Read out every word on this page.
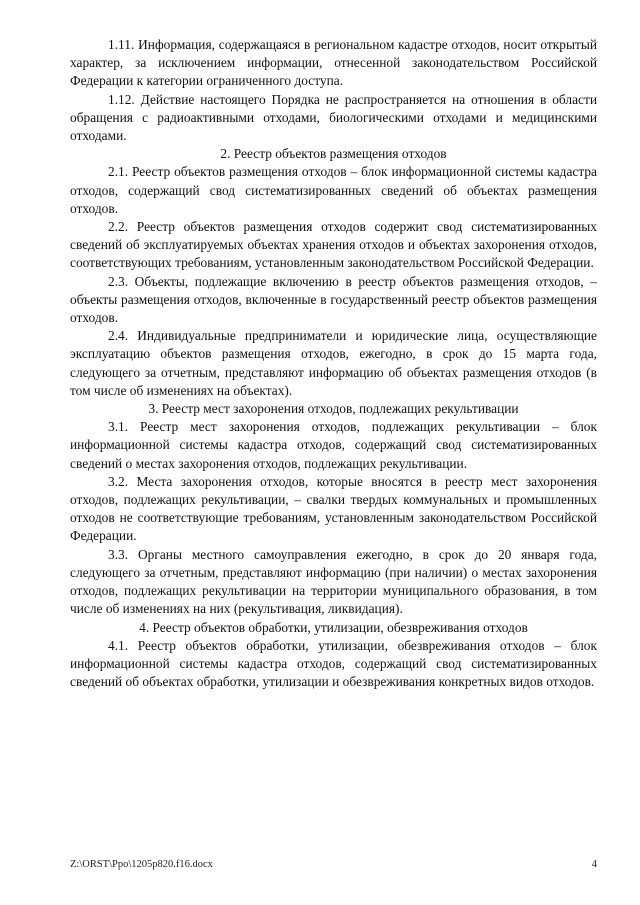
1.11. Информация, содержащаяся в региональном кадастре отходов, носит открытый характер, за исключением информации, отнесенной законодательством Российской Федерации к категории ограниченного доступа.

1.12. Действие настоящего Порядка не распространяется на отношения в области обращения с радиоактивными отходами, биологическими отходами и медицинскими отходами.

2. Реестр объектов размещения отходов

2.1. Реестр объектов размещения отходов – блок информационной системы кадастра отходов, содержащий свод систематизированных сведений об объектах размещения отходов.

2.2. Реестр объектов размещения отходов содержит свод систематизированных сведений об эксплуатируемых объектах хранения отходов и объектах захоронения отходов, соответствующих требованиям, установленным законодательством Российской Федерации.

2.3. Объекты, подлежащие включению в реестр объектов размещения отходов, – объекты размещения отходов, включенные в государственный реестр объектов размещения отходов.

2.4. Индивидуальные предприниматели и юридические лица, осуществляющие эксплуатацию объектов размещения отходов, ежегодно, в срок до 15 марта года, следующего за отчетным, представляют информацию об объектах размещения отходов (в том числе об изменениях на объектах).

3. Реестр мест захоронения отходов, подлежащих рекультивации

3.1. Реестр мест захоронения отходов, подлежащих рекультивации – блок информационной системы кадастра отходов, содержащий свод систематизированных сведений о местах захоронения отходов, подлежащих рекультивации.

3.2. Места захоронения отходов, которые вносятся в реестр мест захоронения отходов, подлежащих рекультивации, – свалки твердых коммунальных и промышленных отходов не соответствующие требованиям, установленным законодательством Российской Федерации.

3.3. Органы местного самоуправления ежегодно, в срок до 20 января года, следующего за отчетным, представляют информацию (при наличии) о местах захоронения отходов, подлежащих рекультивации на территории муниципального образования, в том числе об изменениях на них (рекультивация, ликвидация).

4. Реестр объектов обработки, утилизации, обезвреживания отходов

4.1. Реестр объектов обработки, утилизации, обезвреживания отходов – блок информационной системы кадастра отходов, содержащий свод систематизированных сведений об объектах обработки, утилизации и обезвреживания конкретных видов отходов.

Z:\ORST\Ppo\1205p820.f16.docx	4
